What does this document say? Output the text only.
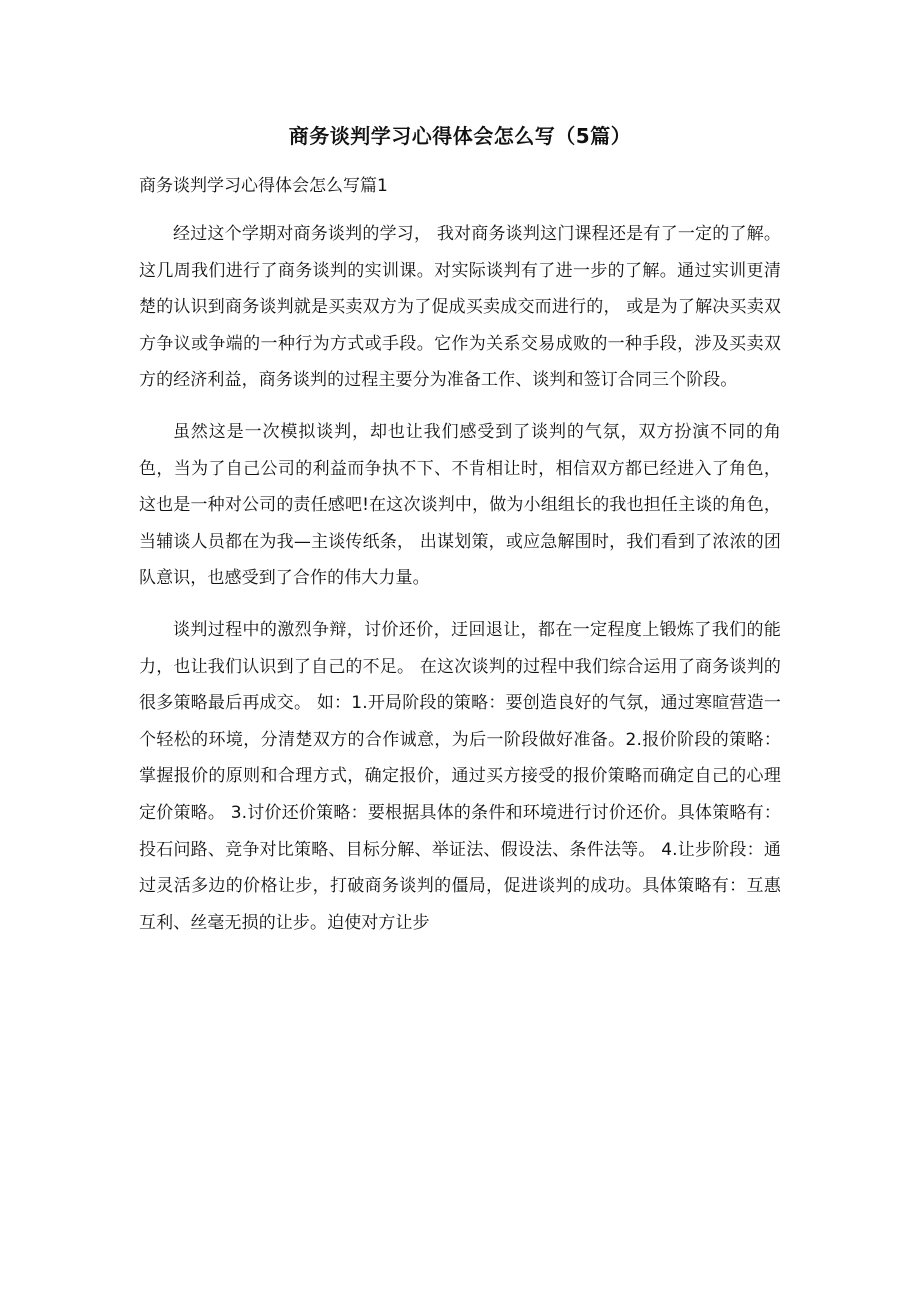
商务谈判学习心得体会怎么写（5篇）
商务谈判学习心得体会怎么写篇1

经过这个学期对商务谈判的学习， 我对商务谈判这门课程还是有了一定的了解。这几周我们进行了商务谈判的实训课。对实际谈判有了进一步的了解。通过实训更清楚的认识到商务谈判就是买卖双方为了促成买卖成交而进行的， 或是为了解决买卖双方争议或争端的一种行为方式或手段。它作为关系交易成败的一种手段，涉及买卖双方的经济利益，商务谈判的过程主要分为准备工作、谈判和签订合同三个阶段。

虽然这是一次模拟谈判，却也让我们感受到了谈判的气氛，双方扮演不同的角色，当为了自己公司的利益而争执不下、不肯相让时，相信双方都已经进入了角色，这也是一种对公司的责任感吧!在这次谈判中，做为小组组长的我也担任主谈的角色，当辅谈人员都在为我—主谈传纸条， 出谋划策，或应急解围时，我们看到了浓浓的团队意识，也感受到了合作的伟大力量。

谈判过程中的激烈争辩，讨价还价，迂回退让，都在一定程度上锻炼了我们的能力，也让我们认识到了自己的不足。 在这次谈判的过程中我们综合运用了商务谈判的很多策略最后再成交。 如：1.开局阶段的策略：要创造良好的气氛，通过寒暄营造一个轻松的环境，分清楚双方的合作诚意，为后一阶段做好准备。2.报价阶段的策略：掌握报价的原则和合理方式，确定报价，通过买方接受的报价策略而确定自己的心理定价策略。 3.讨价还价策略：要根据具体的条件和环境进行讨价还价。具体策略有：投石问路、竞争对比策略、目标分解、举证法、假设法、条件法等。 4.让步阶段：通过灵活多边的价格让步，打破商务谈判的僵局，促进谈判的成功。具体策略有：互惠互利、丝毫无损的让步。迫使对方让步
